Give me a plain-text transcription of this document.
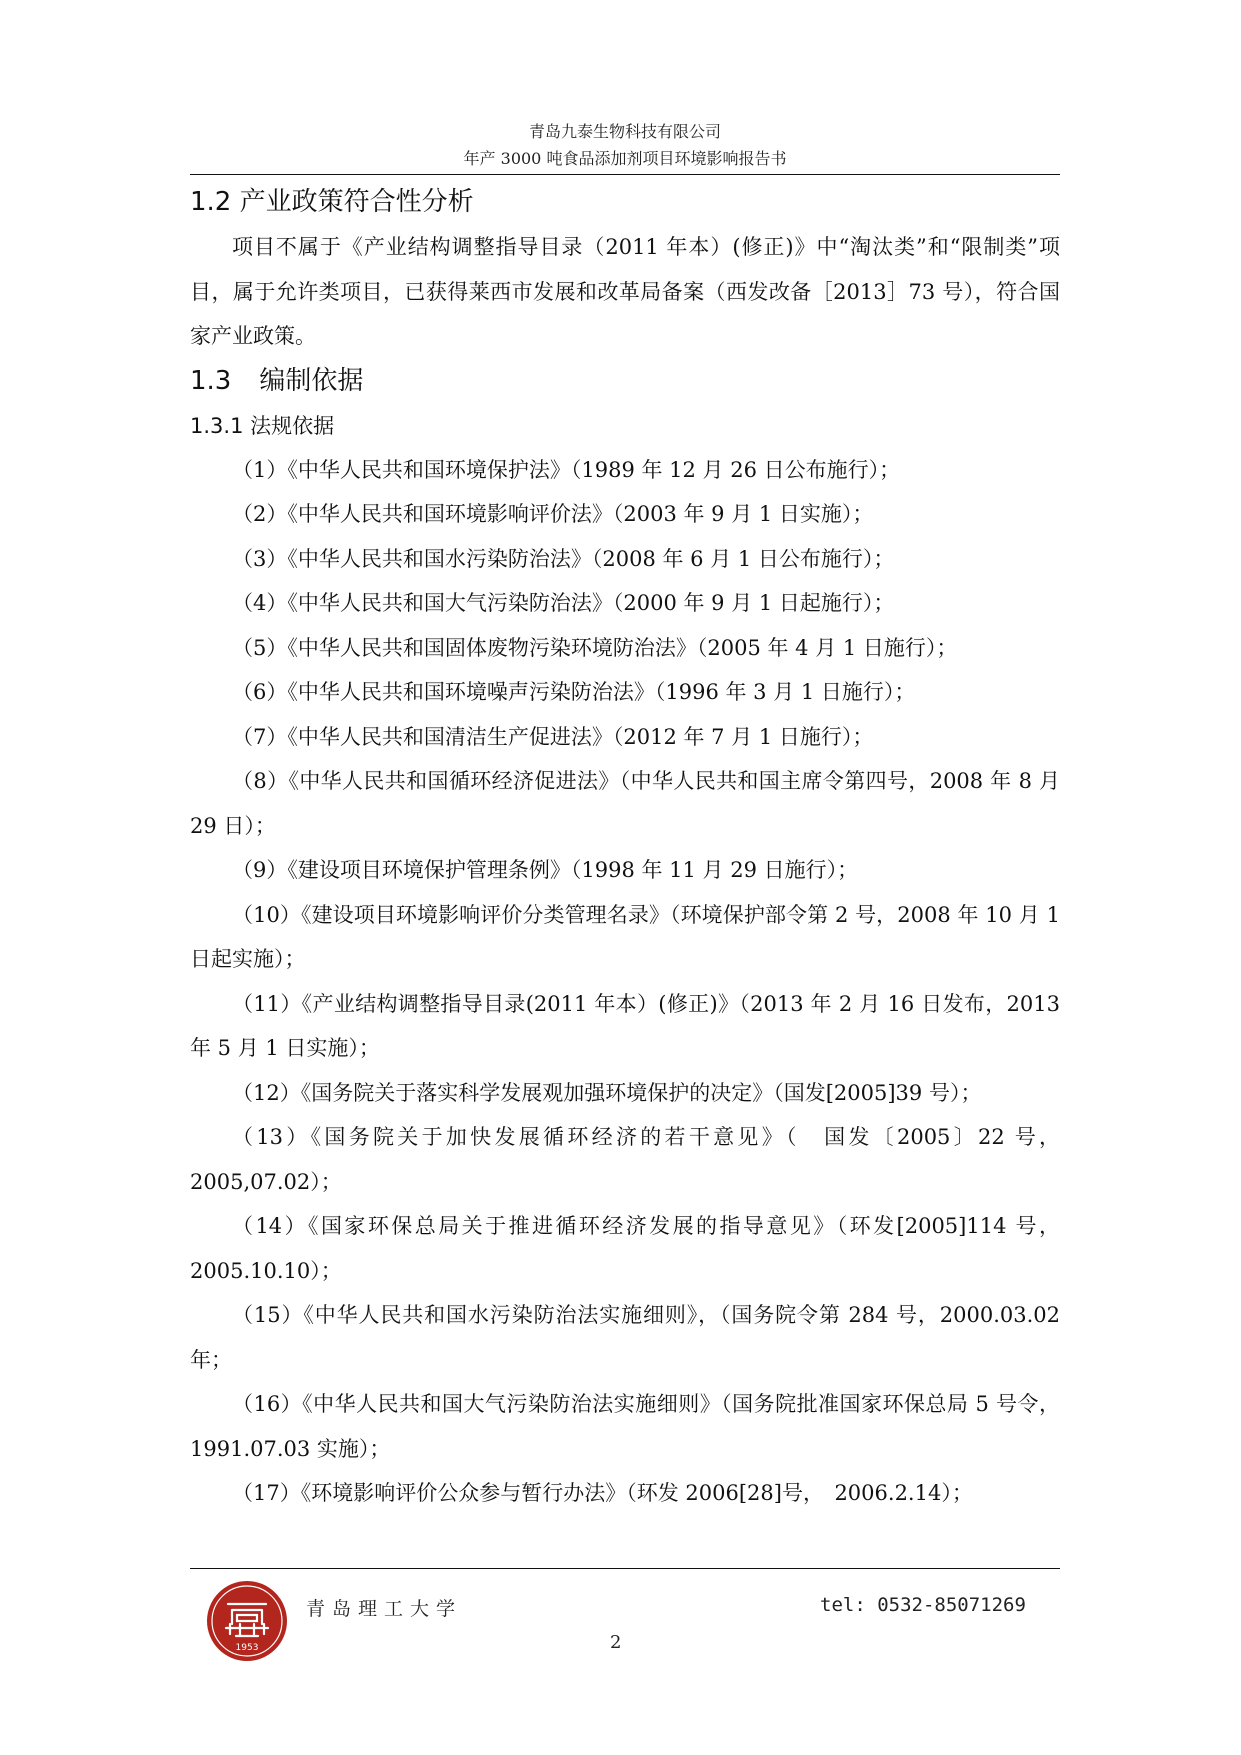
青岛九泰生物科技有限公司
年产 3000 吨食品添加剂项目环境影响报告书
1.2 产业政策符合性分析

项目不属于《产业结构调整指导目录（2011 年本）(修正)》中“淘汰类”和“限制类”项目，属于允许类项目，已获得莱西市发展和改革局备案（西发改备［2013］73 号），符合国家产业政策。

1.3 编制依据
1.3.1 法规依据

（1）《中华人民共和国环境保护法》（1989 年 12 月 26 日公布施行）；

（2）《中华人民共和国环境影响评价法》（2003 年 9 月 1 日实施）；

（3）《中华人民共和国水污染防治法》（2008 年 6 月 1 日公布施行）；

（4）《中华人民共和国大气污染防治法》（2000 年 9 月 1 日起施行）；

（5）《中华人民共和国固体废物污染环境防治法》（2005 年 4 月 1 日施行）；

（6）《中华人民共和国环境噪声污染防治法》（1996 年 3 月 1 日施行）；

（7）《中华人民共和国清洁生产促进法》（2012 年 7 月 1 日施行）；

（8）《中华人民共和国循环经济促进法》（中华人民共和国主席令第四号，2008 年 8 月 29 日）；

（9）《建设项目环境保护管理条例》（1998 年 11 月 29 日施行）；

（10）《建设项目环境影响评价分类管理名录》（环境保护部令第 2 号，2008 年 10 月 1 日起实施）；

（11）《产业结构调整指导目录(2011 年本）(修正)》（2013 年 2 月 16 日发布，2013 年 5 月 1 日实施）；

（12）《国务院关于落实科学发展观加强环境保护的决定》（国发[2005]39 号）；

（13）《国务院关于加快发展循环经济的若干意见》（　国发〔2005〕22 号，2005,07.02）；

（14）《国家环保总局关于推进循环经济发展的指导意见》（环发[2005]114 号，2005.10.10）；

（15）《中华人民共和国水污染防治法实施细则》，（国务院令第 284 号，2000.03.02 年；

（16）《中华人民共和国大气污染防治法实施细则》（国务院批准国家环保总局 5 号令，1991.07.03 实施）；

（17）《环境影响评价公众参与暂行办法》（环发 2006[28]号，　2006.2.14）；

1953
青岛理工大学	tel: 0532-85071269
2
